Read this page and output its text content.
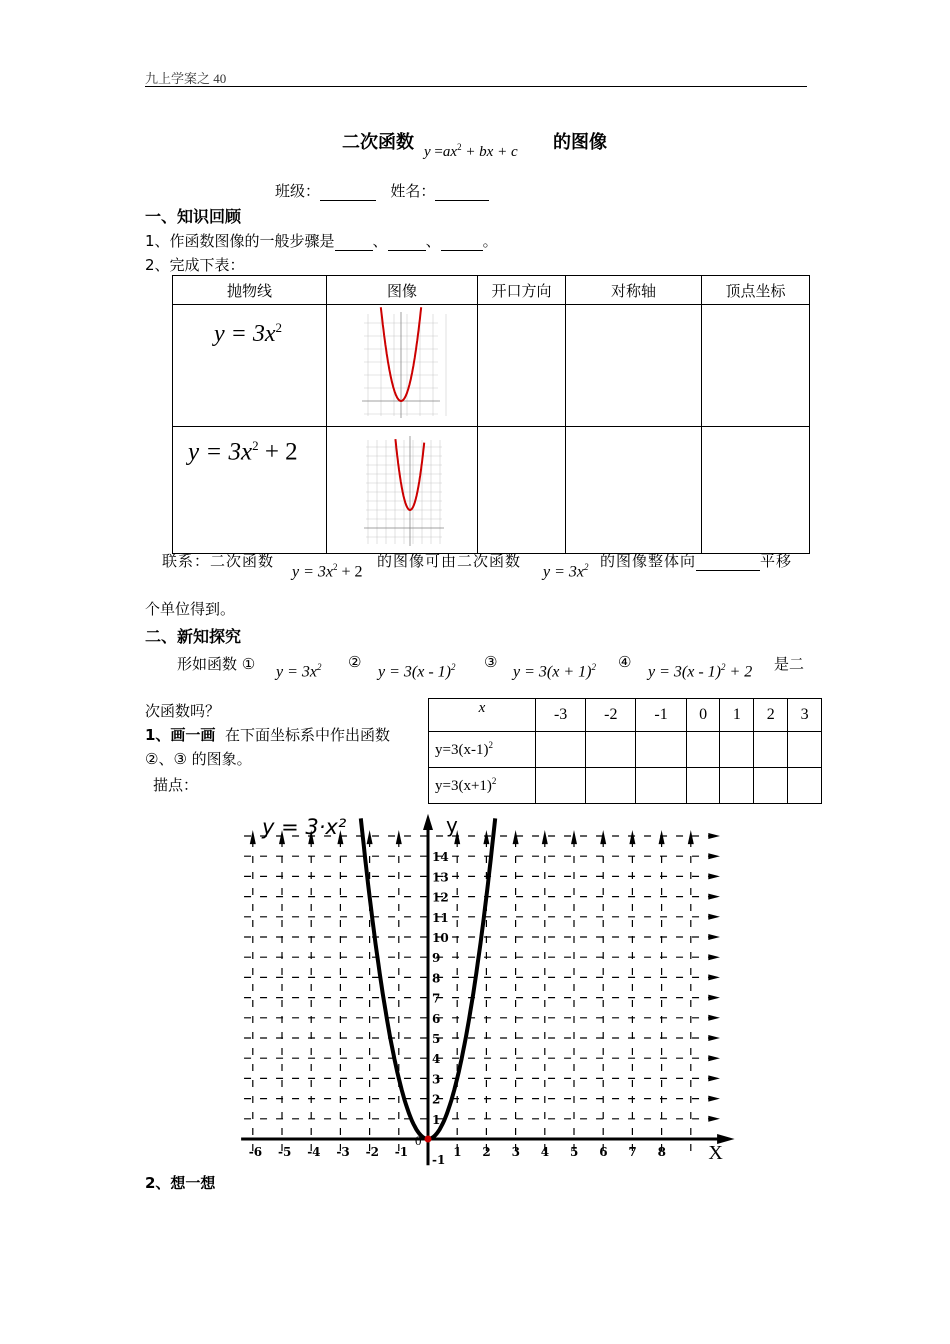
九上学案之 40
二次函数 $y =ax^2$ + bx + c 的图像
班级：	姓名：
一、知识回顾
1、作函数图像的一般步骤是	、	、	。
2、完成下表：
抛物线	图像	开口方向	对称轴	顶点坐标

$y = 3x^2$

$y = 3x^2 + 2$

联系：二次函数
$y = 3x^2 + 2$
的图像可由二次函数
$y = 3x^2$ 的图像整体向	平移
个单位得到。
二、新知探究
形如函数 ① $y = 3x^2$ ②
y = 3(x - 1)$^2$ ③
$y = 3(x + 1)^2$ ④
y = 3(x - 1)$^2$ + 2 是二
次函数吗？
1、画一画 在下面坐标系中作出函数
②、③ 的图象。
描点：
x	-3	-2	-1	0	1	2	3
$y=3(x-1)^2$							
$y=3(x+1)^2$							
-6 -5 -4 -3 -2 -1	1 2 3 4 5 6 7 8
-1
1
2
3
4
5
6
7
8
9
10
11
12
13
14
y = 3·x²	y
X
0
2、想一想
